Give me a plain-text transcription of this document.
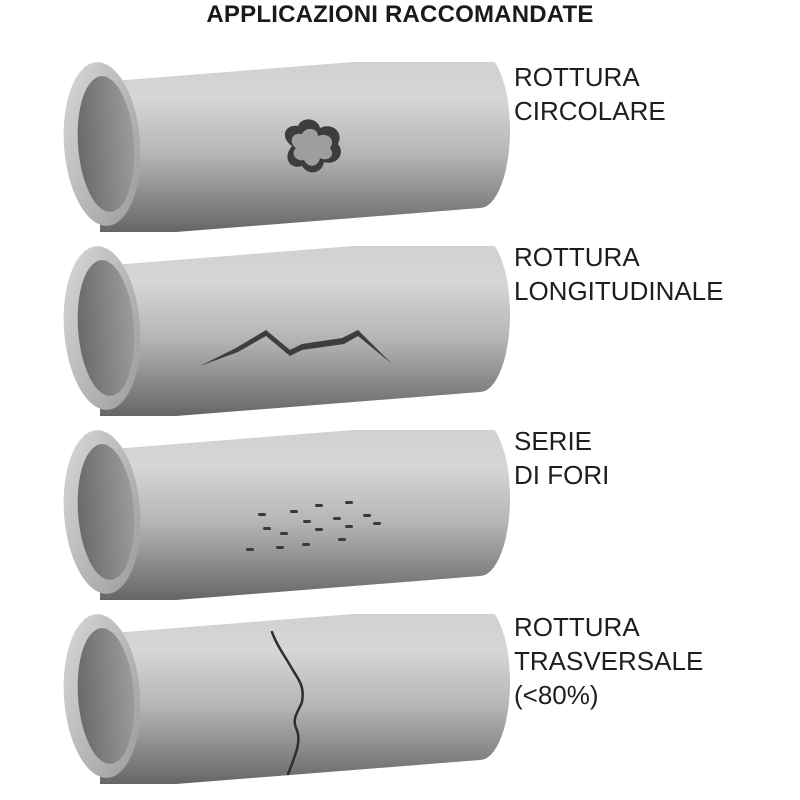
APPLICAZIONI RACCOMANDATE
ROTTURA
CIRCOLARE
ROTTURA
LONGITUDINALE
SERIE
DI FORI
ROTTURA
TRASVERSALE
(<80%)
